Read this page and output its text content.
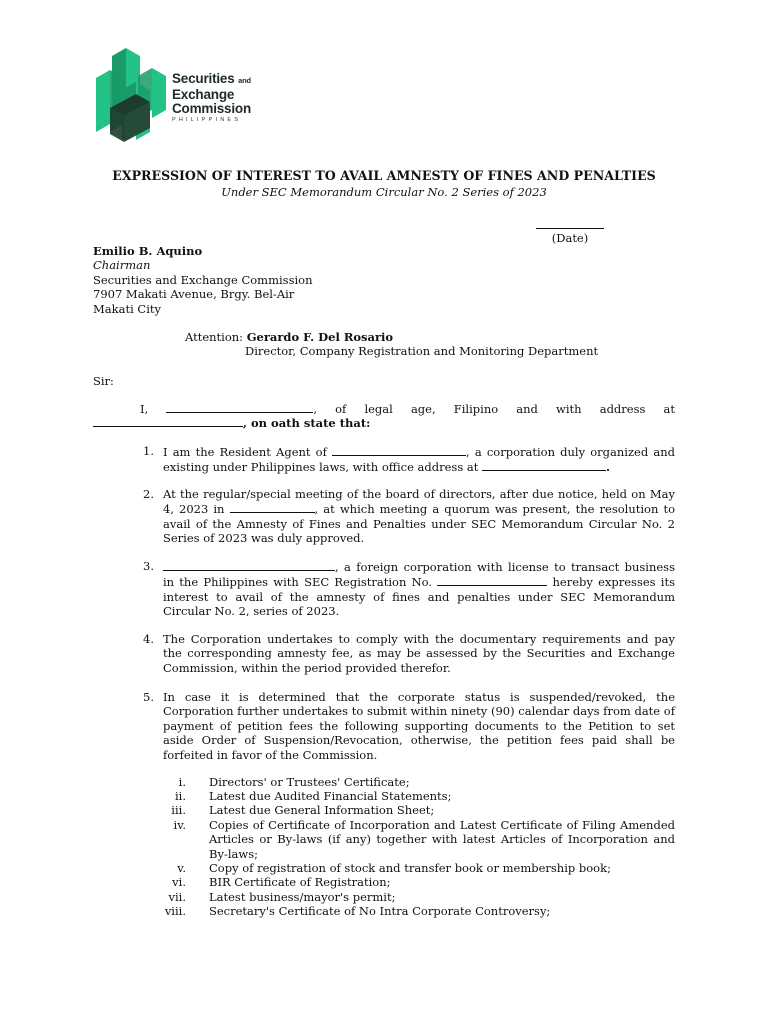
Securities and
Exchange
Commission
PHILIPPINES
EXPRESSION OF INTEREST TO AVAIL AMNESTY OF FINES AND PENALTIES
Under SEC Memorandum Circular No. 2 Series of 2023
(Date)
Emilio B. Aquino
Chairman
Securities and Exchange Commission
7907 Makati Avenue, Brgy. Bel-Air
Makati City
Attention: Gerardo F. Del Rosario
Director, Company Registration and Monitoring Department
Sir:
I,	, of legal age, Filipino and with address at
, on oath state that:
1. I am the Resident Agent of	, a corporation duly organized and existing under Philippines laws, with office address at	.
2. At the regular/special meeting of the board of directors, after due notice, held on May 4, 2023 in	, at which meeting a quorum was present, the resolution to avail of the Amnesty of Fines and Penalties under SEC Memorandum Circular No. 2 Series of 2023 was duly approved.
3.	, a foreign corporation with license to transact business in the Philippines with SEC Registration No.	hereby expresses its interest to avail of the amnesty of fines and penalties under SEC Memorandum Circular No. 2, series of 2023.
4. The Corporation undertakes to comply with the documentary requirements and pay the corresponding amnesty fee, as may be assessed by the Securities and Exchange Commission, within the period provided therefor.
5. In case it is determined that the corporate status is suspended/revoked, the Corporation further undertakes to submit within ninety (90) calendar days from date of payment of petition fees the following supporting documents to the Petition to set aside Order of Suspension/Revocation, otherwise, the petition fees paid shall be forfeited in favor of the Commission.
i. Directors' or Trustees' Certificate;
ii. Latest due Audited Financial Statements;
iii. Latest due General Information Sheet;
iv. Copies of Certificate of Incorporation and Latest Certificate of Filing Amended Articles or By-laws (if any) together with latest Articles of Incorporation and By-laws;
v. Copy of registration of stock and transfer book or membership book;
vi. BIR Certificate of Registration;
vii. Latest business/mayor's permit;
viii. Secretary's Certificate of No Intra Corporate Controversy;
